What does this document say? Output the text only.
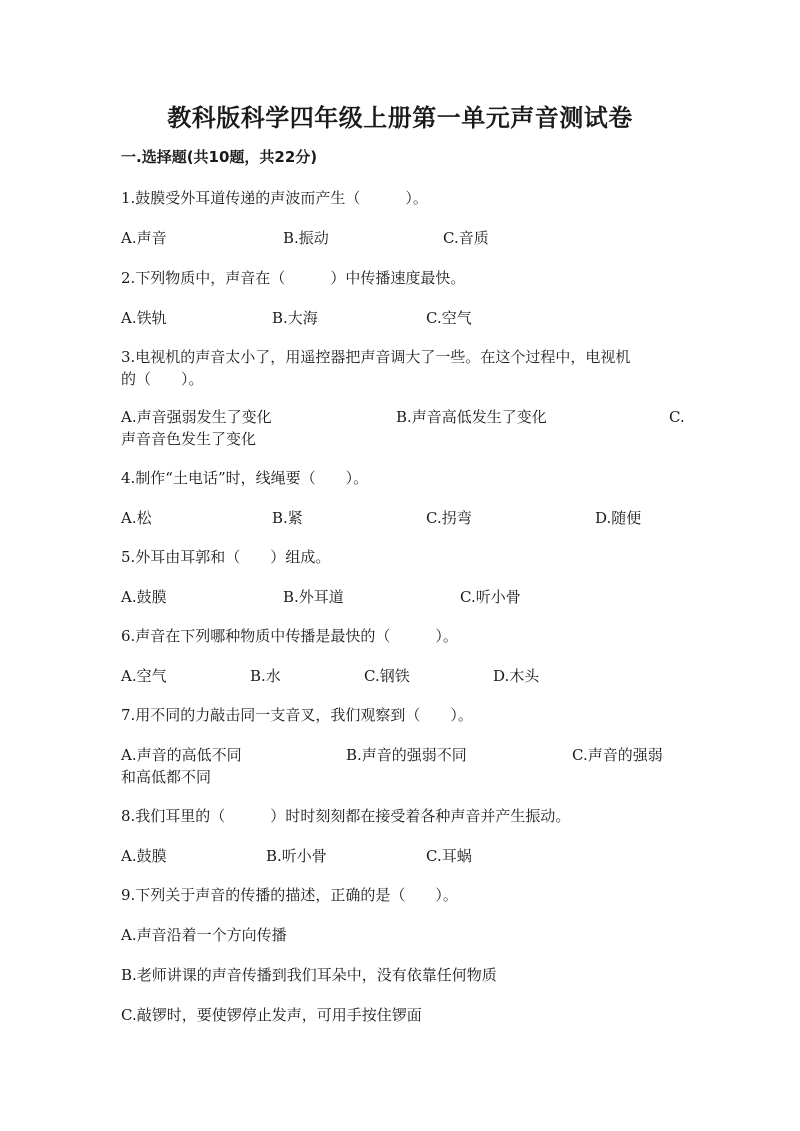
教科版科学四年级上册第一单元声音测试卷
一.选择题(共10题，共22分)
1.鼓膜受外耳道传递的声波而产生（　　　）。
A.声音	B.振动	C.音质
2.下列物质中，声音在（　　　）中传播速度最快。
A.铁轨	B.大海	C.空气
3.电视机的声音太小了，用遥控器把声音调大了一些。在这个过程中，电视机
的（　　）。
A.声音强弱发生了变化	B.声音高低发生了变化	C.
声音音色发生了变化
4.制作“土电话”时，线绳要（　　）。
A.松	B.紧	C.拐弯	D.随便
5.外耳由耳郭和（　　）组成。
A.鼓膜	B.外耳道	C.听小骨
6.声音在下列哪种物质中传播是最快的（　　　）。
A.空气	B.水	C.钢铁	D.木头
7.用不同的力敲击同一支音叉，我们观察到（　　）。
A.声音的高低不同	B.声音的强弱不同	C.声音的强弱
和高低都不同
8.我们耳里的（　　　）时时刻刻都在接受着各种声音并产生振动。
A.鼓膜	B.听小骨	C.耳蜗
9.下列关于声音的传播的描述，正确的是（　　）。
A.声音沿着一个方向传播
B.老师讲课的声音传播到我们耳朵中，没有依靠任何物质
C.敲锣时，要使锣停止发声，可用手按住锣面
